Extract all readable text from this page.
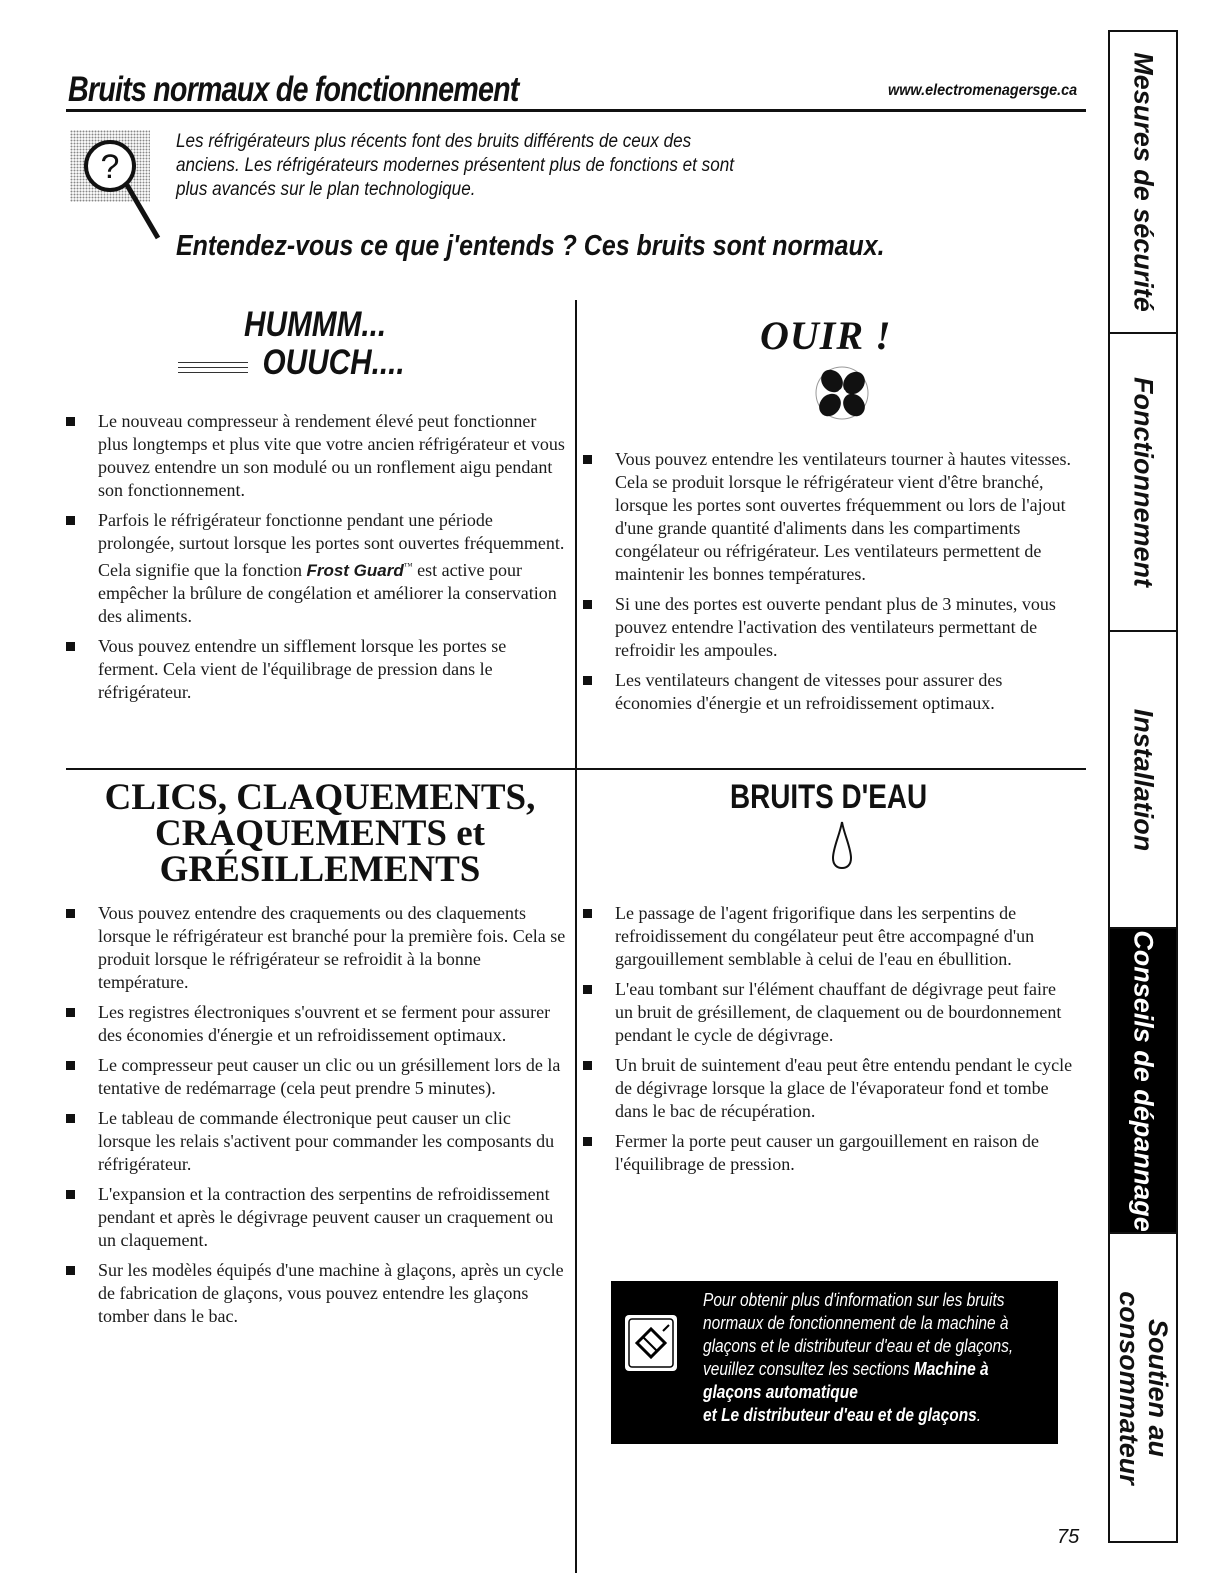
Bruits normaux de fonctionnement	www.electromenagersge.ca
?
Les réfrigérateurs plus récents font des bruits différents de ceux des anciens. Les réfrigérateurs modernes présentent plus de fonctions et sont plus avancés sur le plan technologique.
Entendez-vous ce que j'entends ? Ces bruits sont normaux.
HUMMM...
OUUCH....
Le nouveau compresseur à rendement élevé peut fonctionner plus longtemps et plus vite que votre ancien réfrigérateur et vous pouvez entendre un son modulé ou un ronflement aigu pendant son fonctionnement.
Parfois le réfrigérateur fonctionne pendant une période prolongée, surtout lorsque les portes sont ouvertes fréquemment. Cela signifie que la fonction Frost Guard™ est active pour empêcher la brûlure de congélation et améliorer la conservation des aliments.
Vous pouvez entendre un sifflement lorsque les portes se ferment. Cela vient de l'équilibrage de pression dans le réfrigérateur.
OUIR !
Vous pouvez entendre les ventilateurs tourner à hautes vitesses. Cela se produit lorsque le réfrigérateur vient d'être branché, lorsque les portes sont ouvertes fréquemment ou lors de l'ajout d'une grande quantité d'aliments dans les compartiments congélateur ou réfrigérateur. Les ventilateurs permettent de maintenir les bonnes températures.
Si une des portes est ouverte pendant plus de 3 minutes, vous pouvez entendre l'activation des ventilateurs permettant de refroidir les ampoules.
Les ventilateurs changent de vitesses pour assurer des économies d'énergie et un refroidissement optimaux.
CLICS, CLAQUEMENTS,
CRAQUEMENTS et
GRÉSILLEMENTS
Vous pouvez entendre des craquements ou des claquements lorsque le réfrigérateur est branché pour la première fois. Cela se produit lorsque le réfrigérateur se refroidit à la bonne température.
Les registres électroniques s'ouvrent et se ferment pour assurer des économies d'énergie et un refroidissement optimaux.
Le compresseur peut causer un clic ou un grésillement lors de la tentative de redémarrage (cela peut prendre 5 minutes).
Le tableau de commande électronique peut causer un clic lorsque les relais s'activent pour commander les composants du réfrigérateur.
L'expansion et la contraction des serpentins de refroidissement pendant et après le dégivrage peuvent causer un craquement ou un claquement.
Sur les modèles équipés d'une machine à glaçons, après un cycle de fabrication de glaçons, vous pouvez entendre les glaçons tomber dans le bac.
BRUITS D'EAU
Le passage de l'agent frigorifique dans les serpentins de refroidissement du congélateur peut être accompagné d'un gargouillement semblable à celui de l'eau en ébullition.
L'eau tombant sur l'élément chauffant de dégivrage peut faire un bruit de grésillement, de claquement ou de bourdonnement pendant le cycle de dégivrage.
Un bruit de suintement d'eau peut être entendu pendant le cycle de dégivrage lorsque la glace de l'évaporateur fond et tombe dans le bac de récupération.
Fermer la porte peut causer un gargouillement en raison de l'équilibrage de pression.
Pour obtenir plus d'information sur les bruits normaux de fonctionnement de la machine à glaçons et le distributeur d'eau et de glaçons, veuillez consultez les sections Machine à glaçons automatique
et Le distributeur d'eau et de glaçons.
Mesures de sécurité
Fonctionnement
Installation
Conseils de dépannage
Soutien au
consommateur
75
